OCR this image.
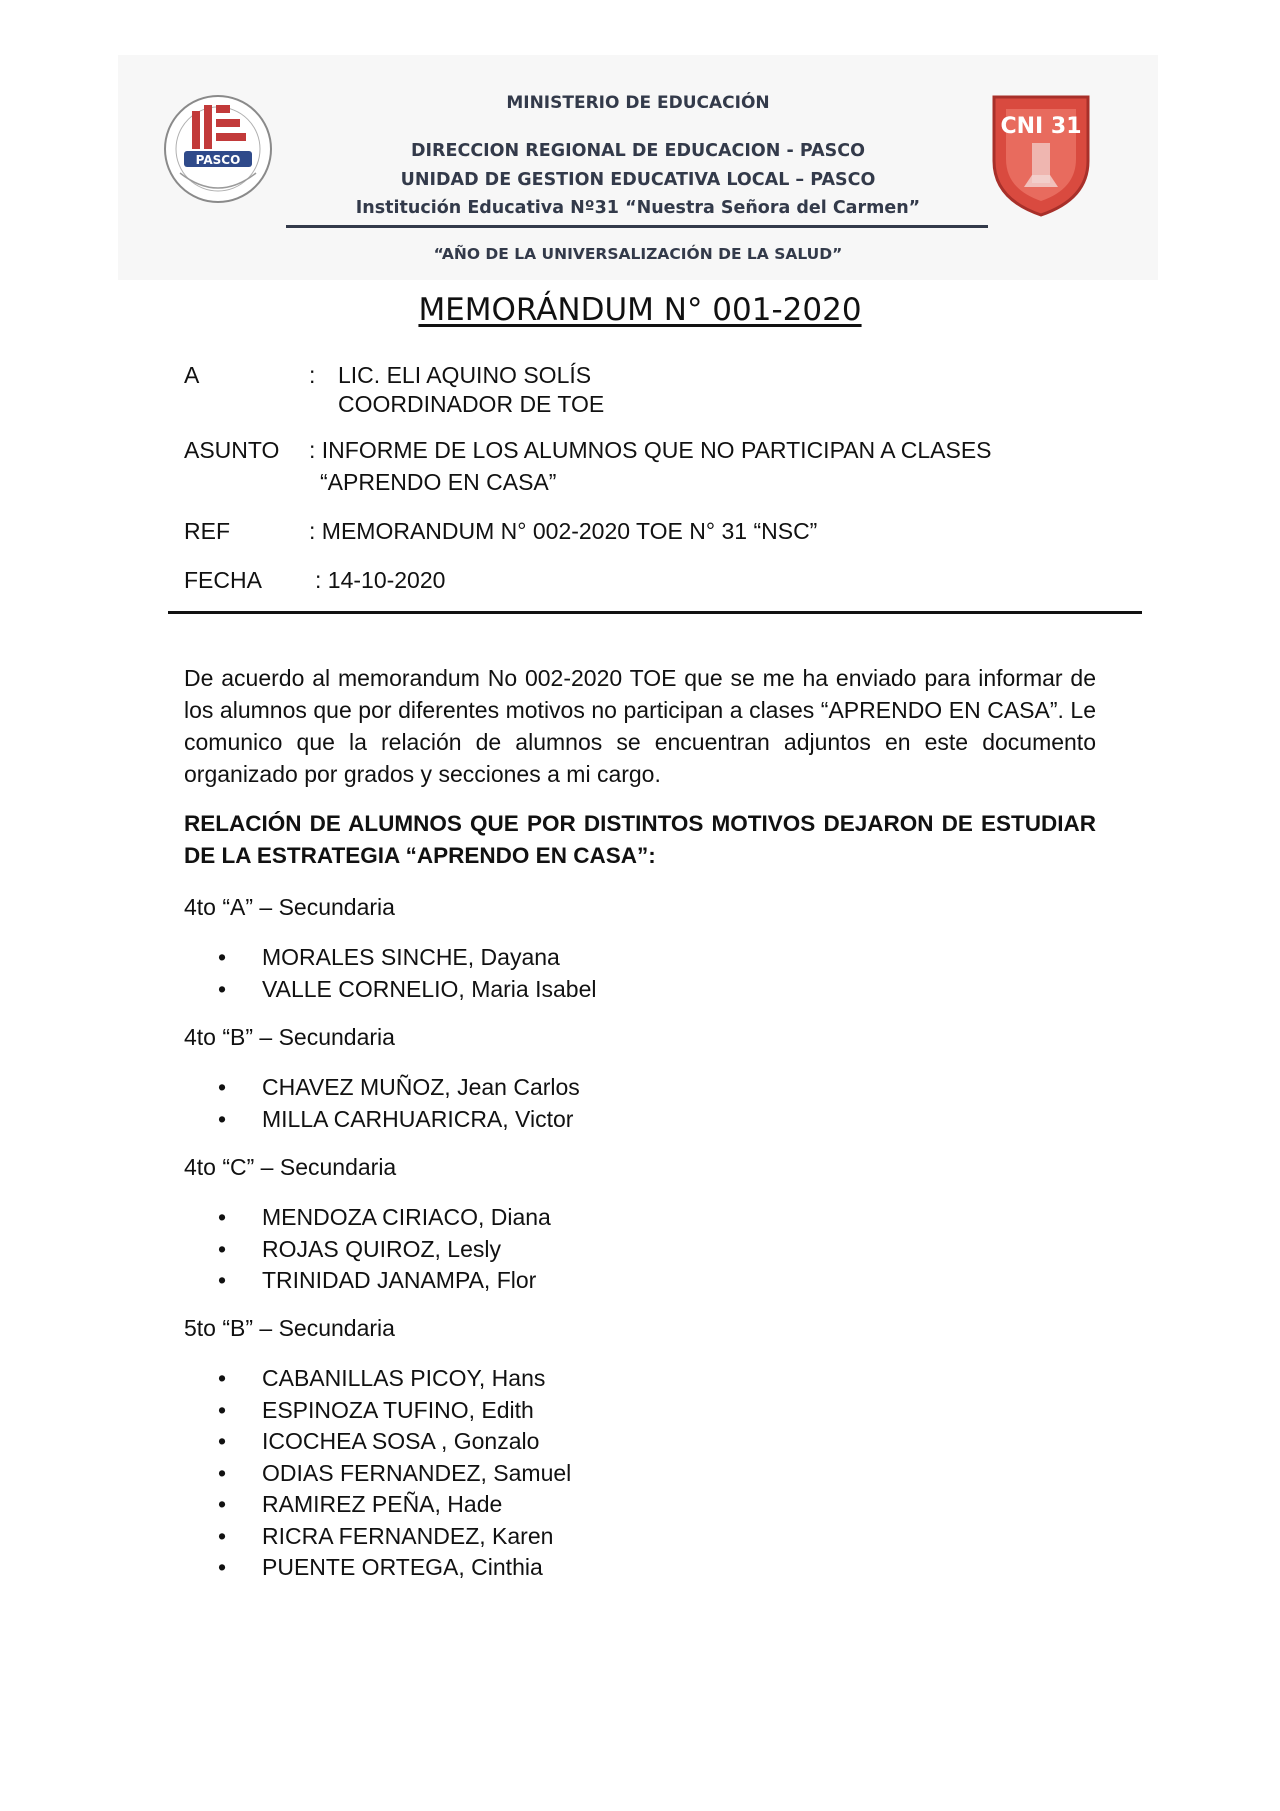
PASCO
MINISTERIO DE EDUCACIÓN
DIRECCION REGIONAL DE EDUCACION - PASCO
UNIDAD DE GESTION EDUCATIVA LOCAL – PASCO
Institución Educativa Nº31 “Nuestra Señora del Carmen”
“AÑO DE LA UNIVERSALIZACIÓN DE LA SALUD”
CNI 31
MEMORÁNDUM N° 001-2020
A	: LIC. ELI AQUINO SOLÍS
COORDINADOR DE TOE
ASUNTO : INFORME DE LOS ALUMNOS QUE NO PARTICIPAN A CLASES
“APRENDO EN CASA”
REF	: MEMORANDUM N° 002-2020 TOE N° 31 “NSC”
FECHA : 14-10-2020
De acuerdo al memorandum No 002-2020 TOE que se me ha enviado para informar de los alumnos que por diferentes motivos no participan a clases “APRENDO EN CASA”. Le comunico que la relación de alumnos se encuentran adjuntos en este documento organizado por grados y secciones a mi cargo.
RELACIÓN DE ALUMNOS QUE POR DISTINTOS MOTIVOS DEJARON DE ESTUDIAR DE LA ESTRATEGIA “APRENDO EN CASA”:
4to “A” – Secundaria
• MORALES SINCHE, Dayana
• VALLE CORNELIO, Maria Isabel
4to “B” – Secundaria
• CHAVEZ MUÑOZ, Jean Carlos
• MILLA CARHUARICRA, Victor
4to “C” – Secundaria
• MENDOZA CIRIACO, Diana
• ROJAS QUIROZ, Lesly
• TRINIDAD JANAMPA, Flor
5to “B” – Secundaria
• CABANILLAS PICOY, Hans
• ESPINOZA TUFINO, Edith
• ICOCHEA SOSA , Gonzalo
• ODIAS FERNANDEZ, Samuel
• RAMIREZ PEÑA, Hade
• RICRA FERNANDEZ, Karen
• PUENTE ORTEGA, Cinthia
